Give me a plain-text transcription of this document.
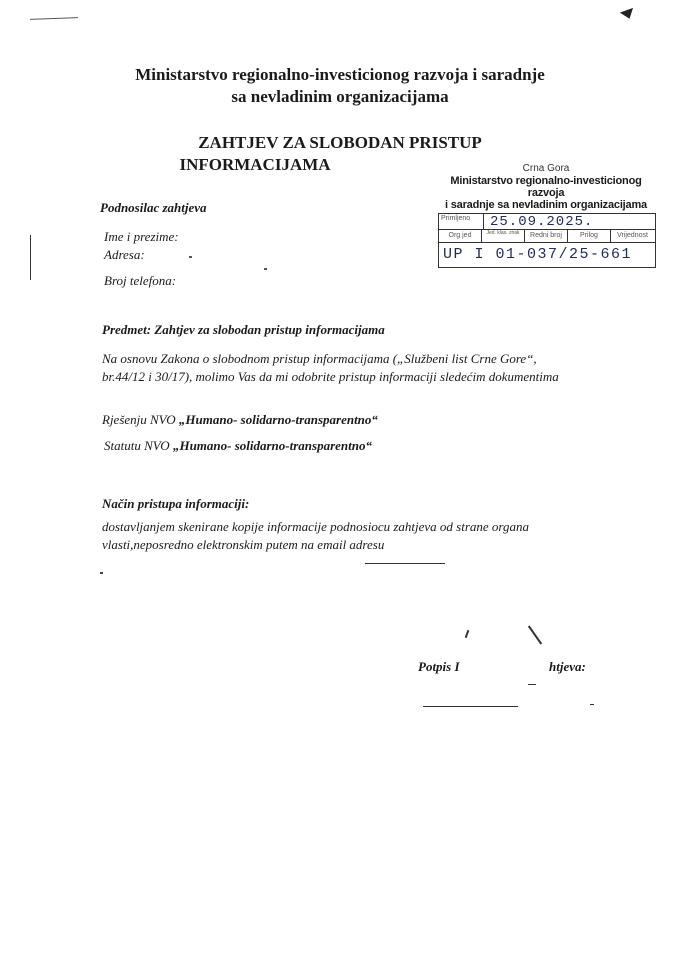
Ministarstvo regionalno-investicionog razvoja i saradnje
sa nevladinim organizacijama
ZAHTJEV ZA SLOBODAN PRISTUP
INFORMACIJAMA	Crna Gora
Ministarstvo regionalno-investicionog razvoja
i saradnje sa nevladinim organizacijama
Primljeno	25.09.2025.
Org jed	Jed. klas. znak	Redni broj	Prilog	Vrijednost
UP I 01-037/25-661
Podnosilac zahtjeva
Ime i prezime:
Adresa:
Broj telefona:
Predmet: Zahtjev za slobodan pristup informacijama
Na osnovu Zakona o slobodnom pristup informacijama („Službeni list Crne Gore“, br.44/12 i 30/17), molimo Vas da mi odobrite pristup informaciji sledećim dokumentima
Rješenju NVO „Humano- solidarno-transparentno“
Statutu NVO „Humano- solidarno-transparentno“
Način pristupa informaciji:
dostavljanjem skenirane kopije informacije podnosiocu zahtjeva od strane organa vlasti,neposredno elektronskim putem na email adresu
Potpis I	htjeva:
